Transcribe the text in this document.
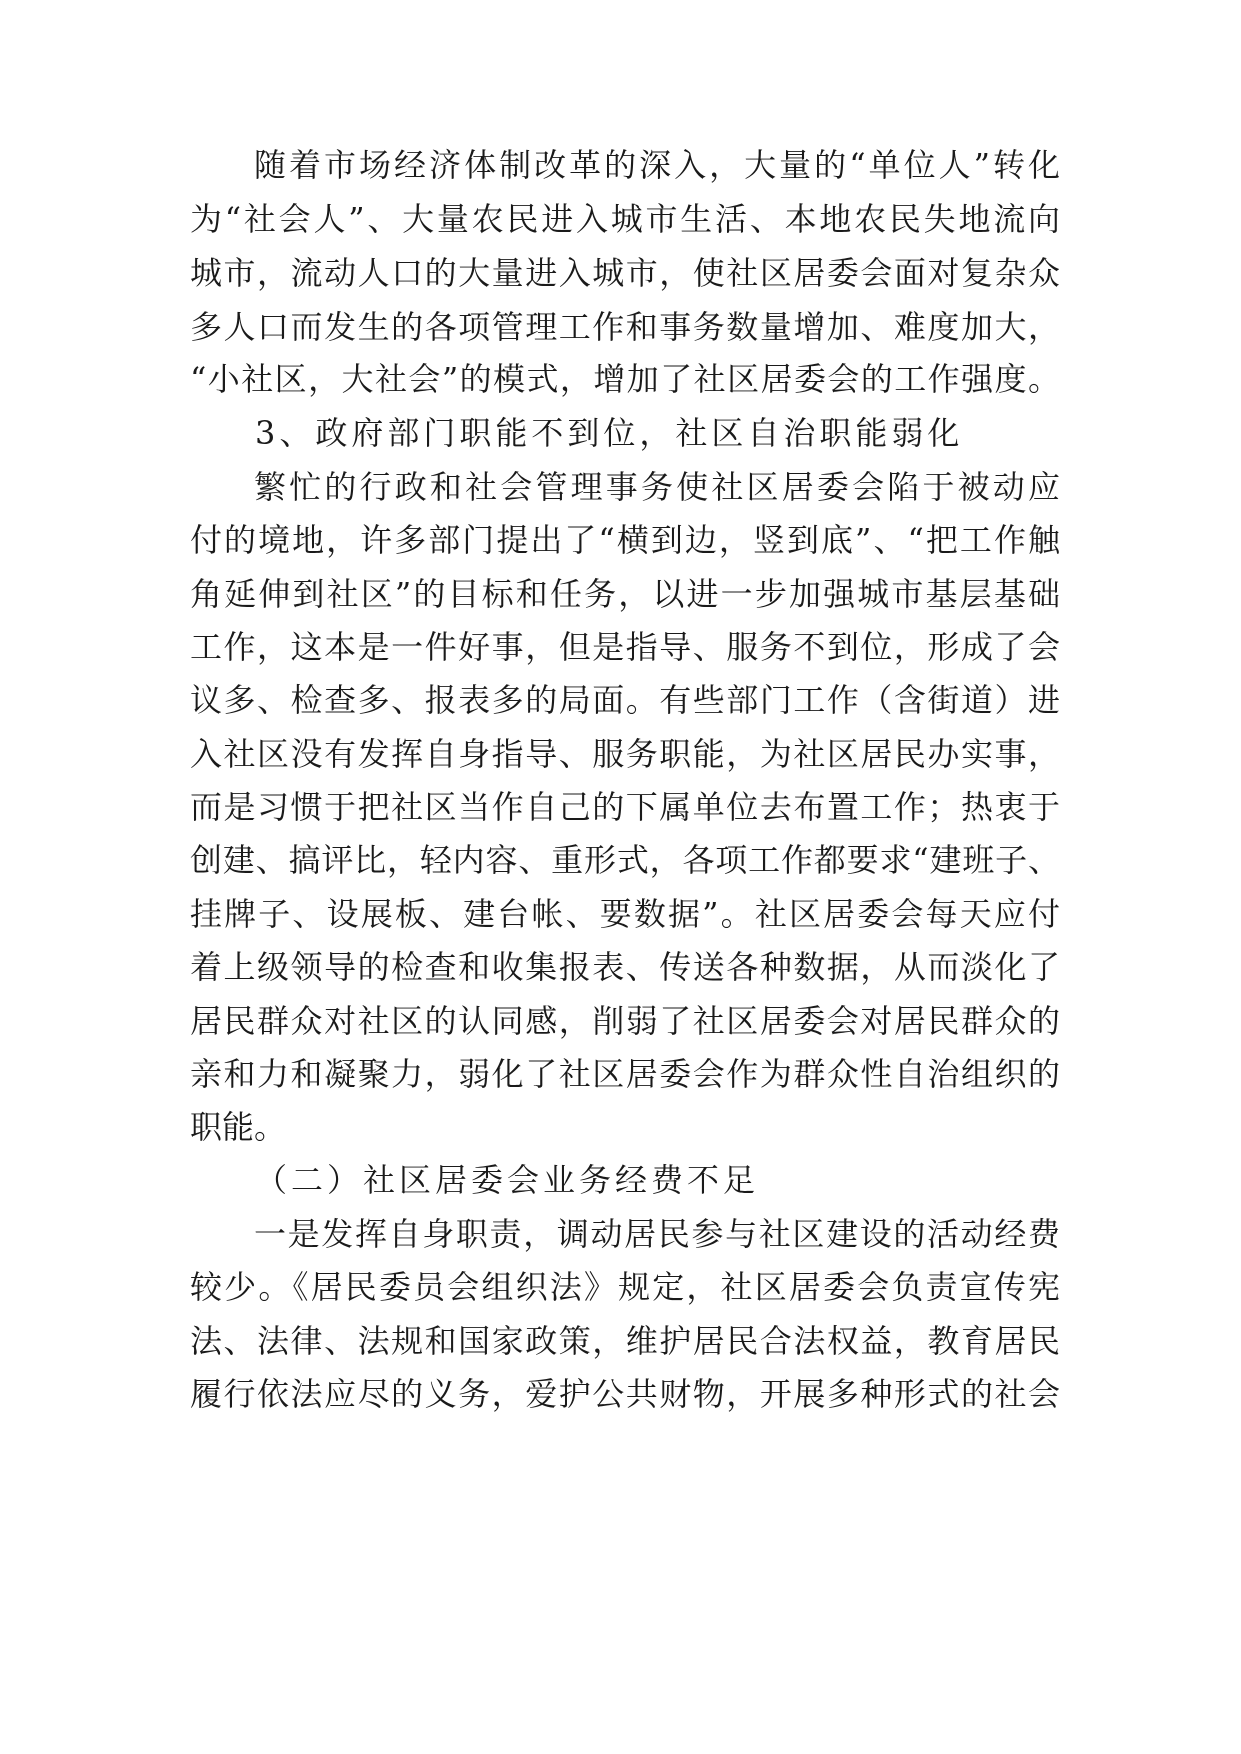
随着市场经济体制改革的深入，大量的“单位人”转化
为“社会人”、大量农民进入城市生活、本地农民失地流向
城市，流动人口的大量进入城市，使社区居委会面对复杂众
多人口而发生的各项管理工作和事务数量增加、难度加大，
“小社区，大社会”的模式，增加了社区居委会的工作强度。
3、政府部门职能不到位，社区自治职能弱化
繁忙的行政和社会管理事务使社区居委会陷于被动应
付的境地，许多部门提出了“横到边，竖到底”、“把工作触
角延伸到社区”的目标和任务，以进一步加强城市基层基础
工作，这本是一件好事，但是指导、服务不到位，形成了会
议多、检查多、报表多的局面。有些部门工作（含街道）进
入社区没有发挥自身指导、服务职能，为社区居民办实事，
而是习惯于把社区当作自己的下属单位去布置工作；热衷于
创建、搞评比，轻内容、重形式，各项工作都要求“建班子、
挂牌子、设展板、建台帐、要数据”。社区居委会每天应付
着上级领导的检查和收集报表、传送各种数据，从而淡化了
居民群众对社区的认同感，削弱了社区居委会对居民群众的
亲和力和凝聚力，弱化了社区居委会作为群众性自治组织的
职能。
（二）社区居委会业务经费不足
一是发挥自身职责，调动居民参与社区建设的活动经费
较少。《居民委员会组织法》规定，社区居委会负责宣传宪
法、法律、法规和国家政策，维护居民合法权益，教育居民
履行依法应尽的义务，爱护公共财物，开展多种形式的社会
